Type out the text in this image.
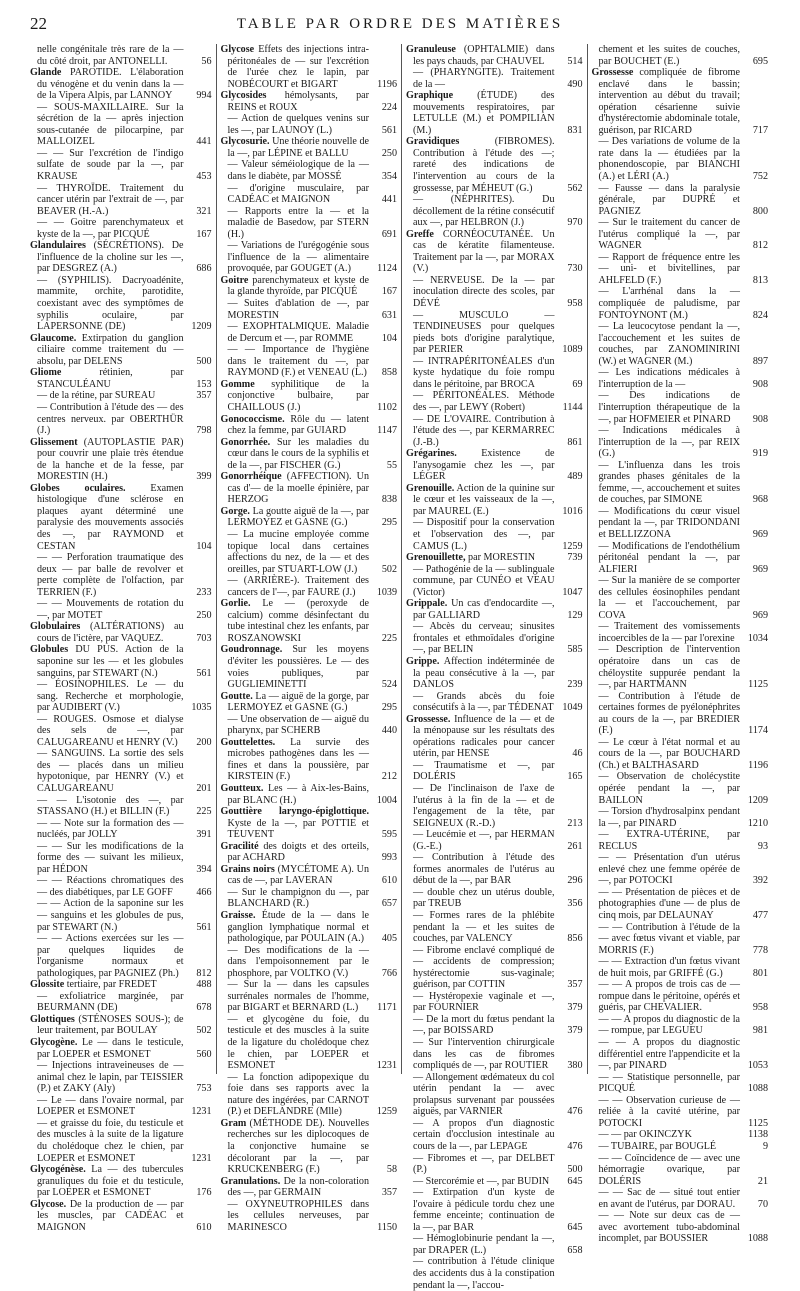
22	TABLE PAR ORDRE DES MATIÈRES
nelle congénitale très rare de la — du côté droit, par ANTONELLI.	56
Glande PAROTIDE. L'élaboration du vénogène et du venin dans la — de la Vipera Alpis, par LANNOY	994
— SOUS-MAXILLAIRE. Sur la sécrétion de la — après injection sous-cutanée de pilocarpine, par MALLOIZEL	441
— — Sur l'excrétion de l'indigo sulfate de soude par la —, par KRAUSE	453
— THYROÏDE. Traitement du cancer utérin par l'extrait de —, par BEAVER (H.-A.)	321
— — Goitre parenchymateux et kyste de la —, par PICQUÉ	167
Glandulaires (SÉCRÉTIONS). De l'influence de la choline sur les —, par DESGREZ (A.)	686
— (SYPHILIS). Dacryoadénite, mammite, orchite, parotidite, coexistant avec des symptômes de syphilis oculaire, par LAPERSONNE (DE)	1209
Glaucome. Extirpation du ganglion ciliaire comme traitement du — absolu, par DELENS	500
Gliome rétinien, par STANCULÉANU	153
— de la rétine, par SUREAU	357
— Contribution à l'étude des — des centres nerveux. par OBERTHÜR (J.)	798
Glissement (AUTOPLASTIE PAR) pour couvrir une plaie très étendue de la hanche et de la fesse, par MORESTIN (H.)	399
Globes oculaires. Examen histologique d'une sclérose en plaques ayant déterminé une paralysie des mouvements associés des —, par RAYMOND et CESTAN	104
— — Perforation traumatique des deux — par balle de revolver et perte complète de l'olfaction, par TERRIEN (F.)	233
— — Mouvements de rotation du —, par MOTET	250
Globulaires (ALTÉRATIONS) au cours de l'ictère, par VAQUEZ.	703
Globules DU PUS. Action de la saponine sur les — et les globules sanguins, par STEWART (N.)	561
— ÉOSINOPHILES. Le — du sang. Recherche et morphologie, par AUDIBERT (V.)	1035
— ROUGES. Osmose et dialyse des sels de —, par CALUGAREANU et HENRY (V.)	200
— SANGUINS. La sortie des sels des — placés dans un milieu hypotonique, par HENRY (V.) et CALUGAREANU	201
— — L'isotonie des —, par STASSANO (H.) et BILLIN (F.)	225
— — Note sur la formation des — nucléés, par JOLLY	391
— — Sur les modifications de la forme des — suivant les milieux, par HÉDON	394
— — Réactions chromatiques des — des diabétiques, par LE GOFF	466
— — Action de la saponine sur les — sanguins et les globules de pus, par STEWART (N.)	561
— — Actions exercées sur les — par quelques liquides de l'organisme normaux et pathologiques, par PAGNIEZ (Ph.)	812
Glossite tertiaire, par FREDET	488
— exfoliatrice marginée, par BEURMANN (DE)	678
Glottiques (STÉNOSES SOUS-); de leur traitement, par BOULAY	502
Glycogène. Le — dans le testicule, par LOEPER et ESMONET	560
— Injections intraveineuses de — animal chez le lapin, par TEISSIER (P.) et ZAKY (Aly)	753
— Le — dans l'ovaire normal, par LOEPER et ESMONET	1231
— et graisse du foie, du testicule et des muscles à la suite de la ligature du cholédoque chez le chien, par LOEPER et ESMONET	1231
Glycogénèse. La — des tubercules granuliques du foie et du testicule, par LOEPER et ESMONET	176
Glycose. De la production de — par les muscles, par CADÉAC et MAIGNON	610
Glycose Effets des injections intra-péritonéales de — sur l'excrétion de l'urée chez le lapin, par NOBÉCOURT et BIGART	1196
Glycosides hémolysants, par REINS et ROUX	224
— Action de quelques venins sur les —, par LAUNOY (L.)	561
Glycosurie. Une théorie nouvelle de la —, par LÉPINE et BALLU	250
— Valeur séméiologique de la — dans le diabète, par MOSSÉ	354
— d'origine musculaire, par CADÉAC et MAIGNON	441
— Rapports entre la — et la maladie de Basedow, par STERN (H.)	691
— Variations de l'urégogénie sous l'influence de la — alimentaire provoquée, par GOUGET (A.)	1124
Goitre parenchymateux et kyste de la glande thyroïde, par PICQUÉ	167
— Suites d'ablation de —, par MORESTIN	631
— EXOPHTALMIQUE. Maladie de Dercum et —, par ROMME	104
— — Importance de l'hygiène dans le traitement du —, par RAYMOND (F.) et VENEAU (L.)	858
Gomme syphilitique de la conjonctive bulbaire, par CHAILLOUS (J.)	1102
Gonococcisme. Rôle du — latent chez la femme, par GUIARD	1147
Gonorrhée. Sur les maladies du cœur dans le cours de la syphilis et de la —, par FISCHER (G.)	55
Gonorrhéique (AFFECTION). Un cas d'— de la moelle épinière, par HERZOG	838
Gorge. La goutte aiguë de la —, par LERMOYEZ et GASNE (G.)	295
— La mucine employée comme topique local dans certaines affections du nez, de la — et des oreilles, par STUART-LOW (J.)	502
— (ARRIÈRE-). Traitement des cancers de l'—, par FAURE (J.)	1039
Gorlie. Le — (peroxyde de calcium) comme désinfectant du tube intestinal chez les enfants, par ROSZANOWSKI	225
Goudronnage. Sur les moyens d'éviter les poussières. Le — des voies publiques, par GUGLIEMINETTI	524
Goutte. La — aiguë de la gorge, par LERMOYEZ et GASNE (G.)	295
— Une observation de — aiguë du pharynx, par SCHERB	440
Gouttelettes. La survie des microbes pathogènes dans les — fines et dans la poussière, par KIRSTEIN (F.)	212
Goutteux. Les — à Aix-les-Bains, par BLANC (H.)	1004
Gouttière laryngo-épiglottique. Kyste de la —, par POTTIE et TEUVENT	595
Gracilité des doigts et des orteils, par ACHARD	993
Grains noirs (MYCÉTOME A). Un cas de —, par LAVERAN	610
— Sur le champignon du —, par BLANCHARD (R.)	657
Graisse. Étude de la — dans le ganglion lymphatique normal et pathologique, par POULAIN (A.)	405
— Des modifications de la — dans l'empoisonnement par le phosphore, par VOLTKO (V.)	766
— Sur la — dans les capsules surrénales normales de l'homme, par BIGART et BERNARD (L.)	1171
— et glycogène du foie, du testicule et des muscles à la suite de la ligature du cholédoque chez le chien, par LOEPER et ESMONET	1231
— La fonction adipopexique du foie dans ses rapports avec la nature des ingérées, par CARNOT (P.) et DEFLANDRE (Mlle)	1259
Gram (MÉTHODE DE). Nouvelles recherches sur les diplocoques de la conjonctive humaine se décolorant par la —, par KRUCKENBERG (F.)	58
Granulations. De la non-coloration des —, par GERMAIN	357
— OXYNEUTROPHILES dans les cellules nerveuses, par MARINESCO	1150
Granuleuse (OPHTALMIE) dans les pays chauds, par CHAUVEL	514
— (PHARYNGITE). Traitement de la —	490
Graphique (ÉTUDE) des mouvements respiratoires, par LETULLE (M.) et POMPILIAN (M.)	831
Gravidiques (FIBROMES). Contribution à l'étude des —; rareté des indications de l'intervention au cours de la grossesse, par MÉHEUT (G.)	562
— (NÉPHRITES). Du décollement de la rétine consécutif aux —, par HELBRON (J.)	970
Greffe CORNÉOCUTANÉE. Un cas de kératite filamenteuse. Traitement par la —, par MORAX (V.)	730
— NERVEUSE. De la — par inoculation directe des scoles, par DÉVÉ	958
— MUSCULO — TENDINEUSES pour quelques pieds bots d'origine paralytique, par PERIER	1089
— INTRAPÉRITONÉALES d'un kyste hydatique du foie rompu dans le péritoine, par BROCA	69
— PÉRITONÉALES. Méthode des —, par LEWY (Robert)	1144
— DE L'OVAIRE. Contribution à l'étude des —, par KERMARREC (J.-B.)	861
Grégarines. Existence de l'anysogamie chez les —, par LÉGER	489
Grenouille. Action de la quinine sur le cœur et les vaisseaux de la —, par MAUREL (E.)	1016
— Dispositif pour la conservation et l'observation des —, par CAMUS (L.)	1259
Grenouillette, par MORESTIN	739
— Pathogénie de la — sublinguale commune, par CUNÉO et VEAU (Victor)	1047
Grippale. Un cas d'endocardite —, par GALLIARD	129
— Abcès du cerveau; sinusites frontales et ethmoïdales d'origine —, par BELIN	585
Grippe. Affection indéterminée de la peau consécutive à la —, par DANLOS	239
— Grands abcès du foie consécutifs à la —, par TÉDENAT 1049
Grossesse. Influence de la — et de la ménopause sur les résultats des opérations radicales pour cancer utérin, par HENSE	46
— Traumatisme et —, par DOLÉRIS	165
— De l'inclinaison de l'axe de l'utérus à la fin de la — et de l'engagement de la tête, par SEIGNEUX (R.-D.)	213
— Leucémie et —, par HERMAN (G.-E.)	261
— Contribution à l'étude des formes anormales de l'utérus au début de la —, par BAR	296
— double chez un utérus double, par TREUB	356
— Formes rares de la phlébite pendant la — et les suites de couches, par VALENCY	856
— Fibrome enclavé compliqué de — accidents de compression; hystérectomie sus-vaginale; guérison, par COTTIN	357
— Hystéropexie vaginale et —, par FOURNIER	379
— De la mort du fœtus pendant la —, par BOISSARD	379
— Sur l'intervention chirurgicale dans les cas de fibromes compliqués de —, par ROUTIER	380
— Allongement œdémateux du col utérin pendant la — avec prolapsus survenant par poussées aiguës, par VARNIER	476
— A propos d'un diagnostic certain d'occlusion intestinale au cours de la —, par LEPAGE	476
— Fibromes et —, par DELBET (P.)	500
— Stercorémie et —, par BUDIN	645
— Extirpation d'un kyste de l'ovaire à pédicule tordu chez une femme enceinte; continuation de la —, par BAR	645
— Hémoglobinurie pendant la —, par DRAPER (L.)	658
— contribution à l'étude clinique des accidents dus à la constipation pendant la —, l'accou-
chement et les suites de couches, par BOUCHET (E.)	695
Grossesse compliquée de fibrome enclavé dans le bassin; intervention au début du travail; opération césarienne suivie d'hystérectomie abdominale totale, guérison, par RICARD	717
— Des variations de volume de la rate dans la — étudiées par la phonendoscopie, par BIANCHI (A.) et LÉRI (A.)	752
— Fausse — dans la paralysie générale, par DUPRÉ et PAGNIEZ	800
— Sur le traitement du cancer de l'utérus compliqué la —, par WAGNER	812
— Rapport de fréquence entre les — uni- et bivitellines, par AHLFELD (F.)	813
— L'arrhénal dans la — compliquée de paludisme, par FONTOYNONT (M.)	824
— La leucocytose pendant la —, l'accouchement et les suites de couches, par ZANOMINIRINI (W.) et WAGNER (M.)	897
— Les indications médicales à l'interruption de la —	908
— Des indications de l'interruption thérapeutique de la —, par HOFMEIER et PINARD	908
— Indications médicales à l'interruption de la —, par REIX (G.)	919
— L'influenza dans les trois grandes phases génitales de la femme, —, accouchement et suites de couches, par SIMONE	968
— Modifications du cœur visuel pendant la —, par TRIDONDANI et BELLIZZONA	969
— Modifications de l'endothélium péritonéal pendant la —, par ALFIERI	969
— Sur la manière de se comporter des cellules éosinophiles pendant la — et l'accouchement, par COVA	969
— Traitement des vomissements incoercibles de la — par l'orexine	1034
— Description de l'intervention opératoire dans un cas de chéloystite suppurée pendant la —, par HARTMANN	1125
— Contribution à l'étude de certaines formes de pyélonéphrites au cours de la —, par BREDIER (F.)	1174
— Le cœur à l'état normal et au cours de la —, par BOUCHARD (Ch.) et BALTHASARD	1196
— Observation de cholécystite opérée pendant la —, par BAILLON	1209
— Torsion d'hydrosalpinx pendant la —, par PINARD	1210
— EXTRA-UTÉRINE, par RECLUS	93
— — Présentation d'un utérus enlevé chez une femme opérée de —, par POTOCKI	392
— — Présentation de pièces et de photographies d'une — de plus de cinq mois, par DELAUNAY	477
— — Contribution à l'étude de la — avec fœtus vivant et viable, par MORRIS (F.)	778
— — Extraction d'un fœtus vivant de huit mois, par GRIFFÉ (G.)	801
— — A propos de trois cas de — rompue dans le péritoine, opérés et guéris, par CHEVALIER.	958
— — A propos du diagnostic de la — rompue, par LEGUEU	981
— — A propos du diagnostic différentiel entre l'appendicite et la —, par PINARD	1053
— — Statistique personnelle, par PICQUÉ	1088
— — Observation curieuse de — reliée à la cavité utérine, par POTOCKI	1125
— — par OKINCZYK	1138
— TUBAIRE, par BOUGLÉ	9
— — Coïncidence de — avec une hémorragie ovarique, par DOLÉRIS	21
— — Sac de — situé tout entier en avant de l'utérus, par DORAU.	70
— — Note sur deux cas de — avec avortement tubo-abdominal incomplet, par BOUSSIER	1088
